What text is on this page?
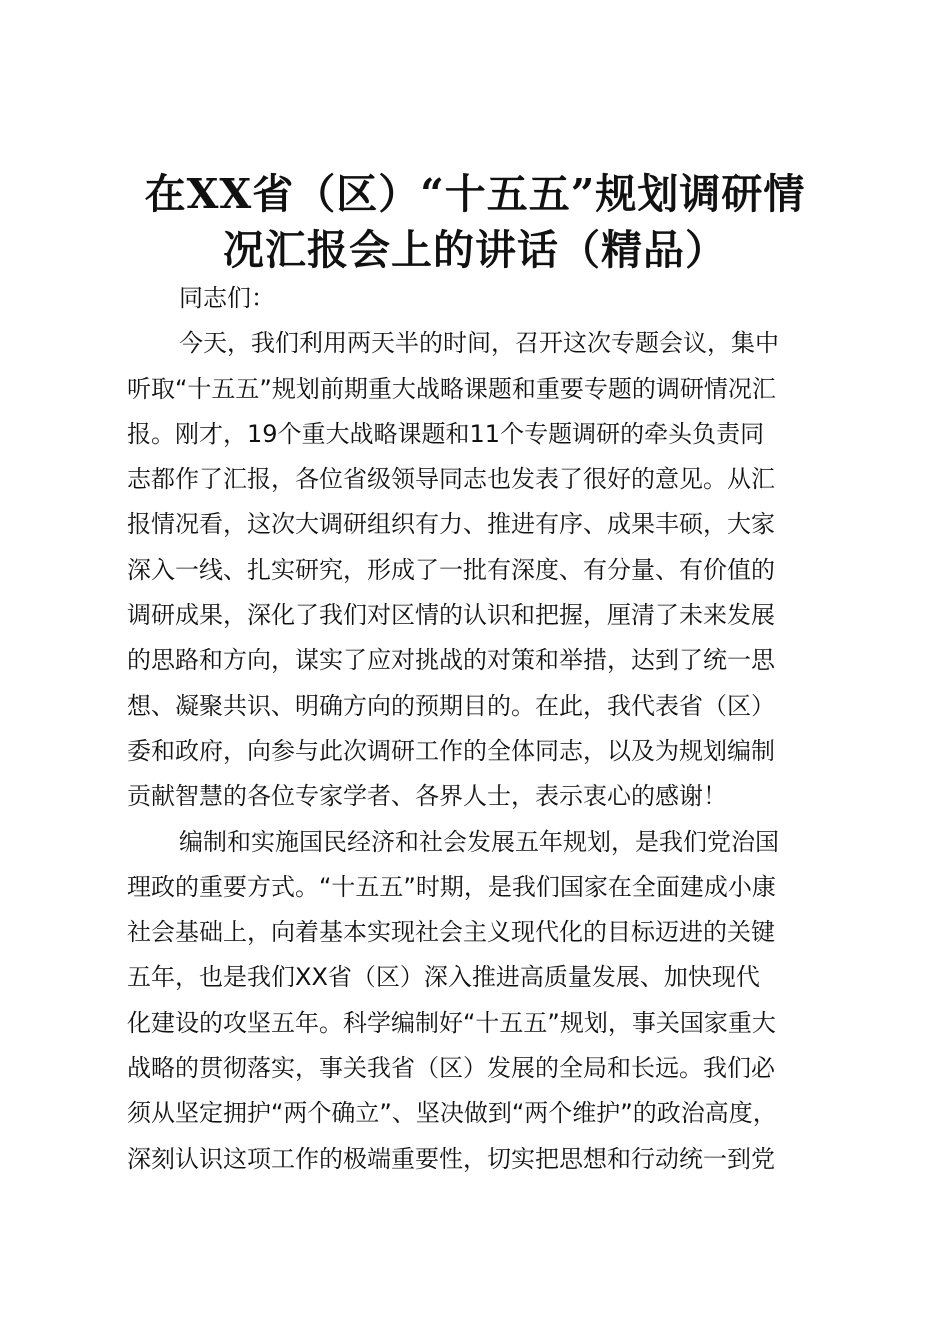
在XX省（区）“十五五”规划调研情
况汇报会上的讲话（精品）
同志们：
今天，我们利用两天半的时间，召开这次专题会议，集中
听取“十五五”规划前期重大战略课题和重要专题的调研情况汇
报。刚才，19个重大战略课题和11个专题调研的牵头负责同
志都作了汇报，各位省级领导同志也发表了很好的意见。从汇
报情况看，这次大调研组织有力、推进有序、成果丰硕，大家
深入一线、扎实研究，形成了一批有深度、有分量、有价值的
调研成果，深化了我们对区情的认识和把握，厘清了未来发展
的思路和方向，谋实了应对挑战的对策和举措，达到了统一思
想、凝聚共识、明确方向的预期目的。在此，我代表省（区）
委和政府，向参与此次调研工作的全体同志，以及为规划编制
贡献智慧的各位专家学者、各界人士，表示衷心的感谢！
编制和实施国民经济和社会发展五年规划，是我们党治国
理政的重要方式。“十五五”时期，是我们国家在全面建成小康
社会基础上，向着基本实现社会主义现代化的目标迈进的关键
五年，也是我们XX省（区）深入推进高质量发展、加快现代
化建设的攻坚五年。科学编制好“十五五”规划，事关国家重大
战略的贯彻落实，事关我省（区）发展的全局和长远。我们必
须从坚定拥护“两个确立”、坚决做到“两个维护”的政治高度，
深刻认识这项工作的极端重要性，切实把思想和行动统一到党
